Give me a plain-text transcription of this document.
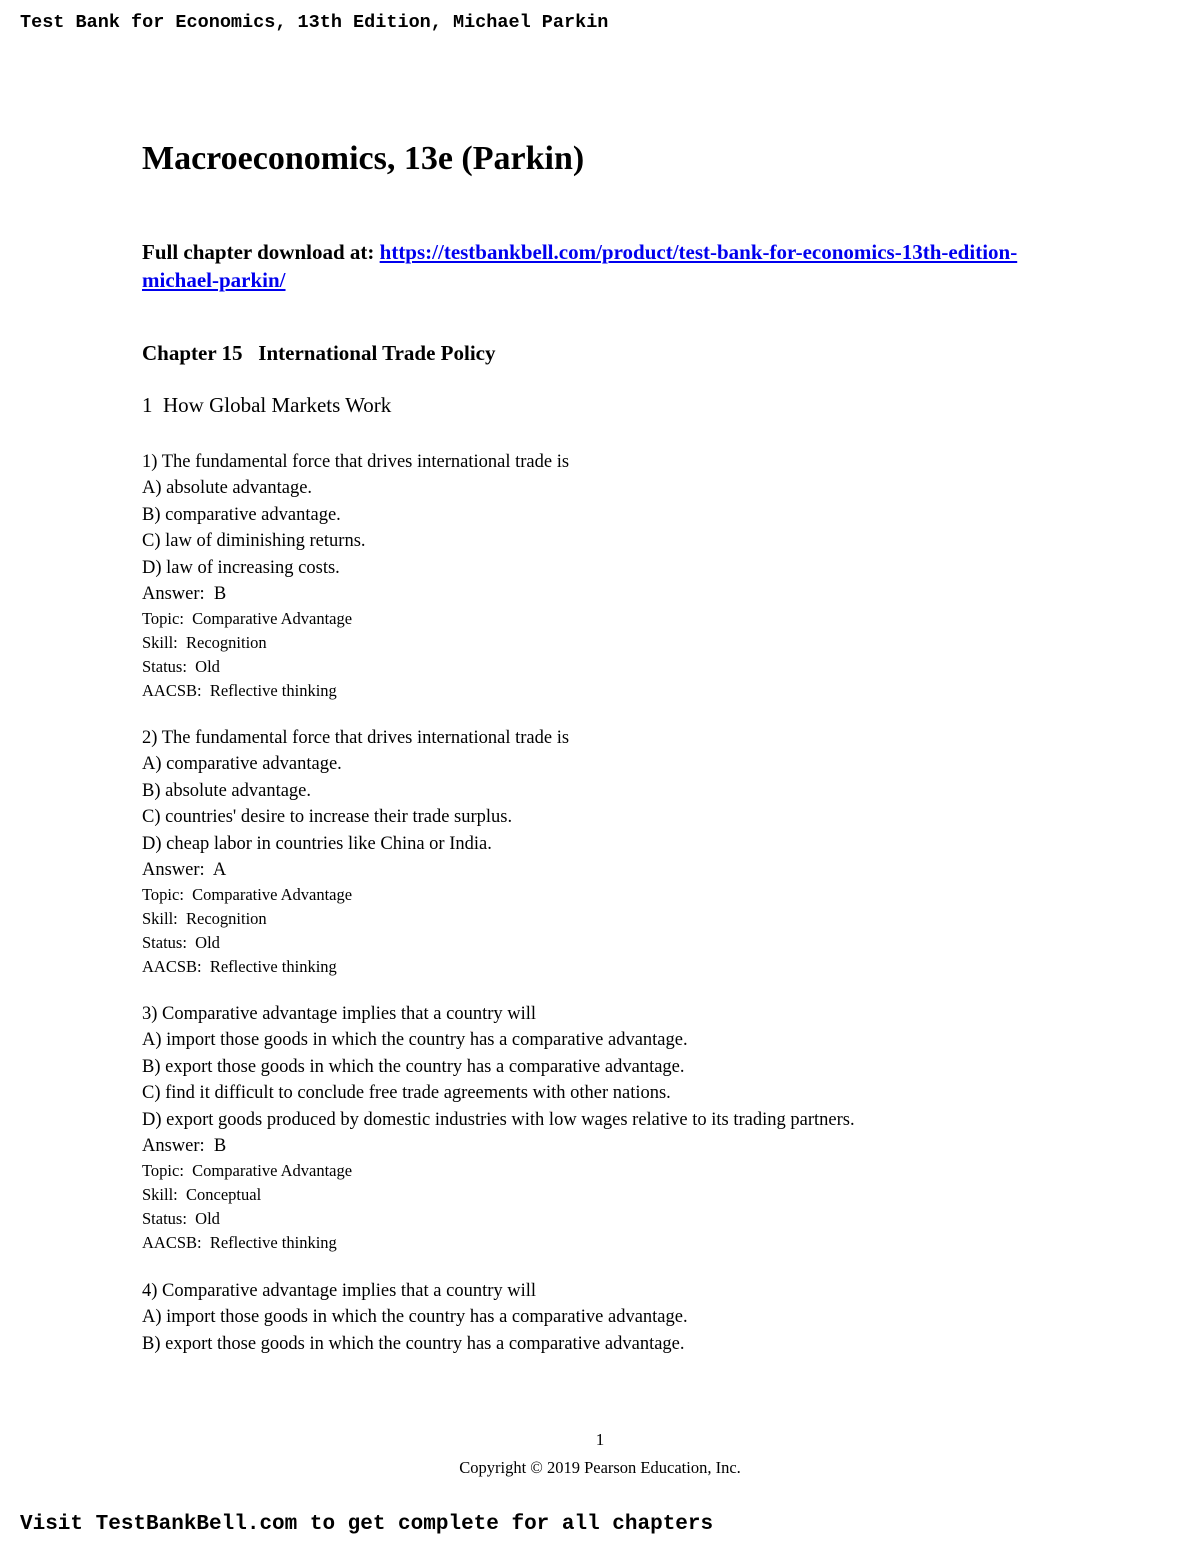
Test Bank for Economics, 13th Edition, Michael Parkin
Macroeconomics, 13e (Parkin)

Full chapter download at: https://testbankbell.com/product/test-bank-for-economics-13th-edition-michael-parkin/

Chapter 15   International Trade Policy
1  How Global Markets Work
1) The fundamental force that drives international trade is
A) absolute advantage.
B) comparative advantage.
C) law of diminishing returns.
D) law of increasing costs.
Answer:  B
Topic:  Comparative Advantage
Skill:  Recognition
Status:  Old
AACSB:  Reflective thinking
2) The fundamental force that drives international trade is
A) comparative advantage.
B) absolute advantage.
C) countries' desire to increase their trade surplus.
D) cheap labor in countries like China or India.
Answer:  A
Topic:  Comparative Advantage
Skill:  Recognition
Status:  Old
AACSB:  Reflective thinking
3) Comparative advantage implies that a country will
A) import those goods in which the country has a comparative advantage.
B) export those goods in which the country has a comparative advantage.
C) find it difficult to conclude free trade agreements with other nations.
D) export goods produced by domestic industries with low wages relative to its trading partners.
Answer:  B
Topic:  Comparative Advantage
Skill:  Conceptual
Status:  Old
AACSB:  Reflective thinking
4) Comparative advantage implies that a country will
A) import those goods in which the country has a comparative advantage.
B) export those goods in which the country has a comparative advantage.
1
Copyright © 2019 Pearson Education, Inc.
Visit TestBankBell.com to get complete for all chapters
